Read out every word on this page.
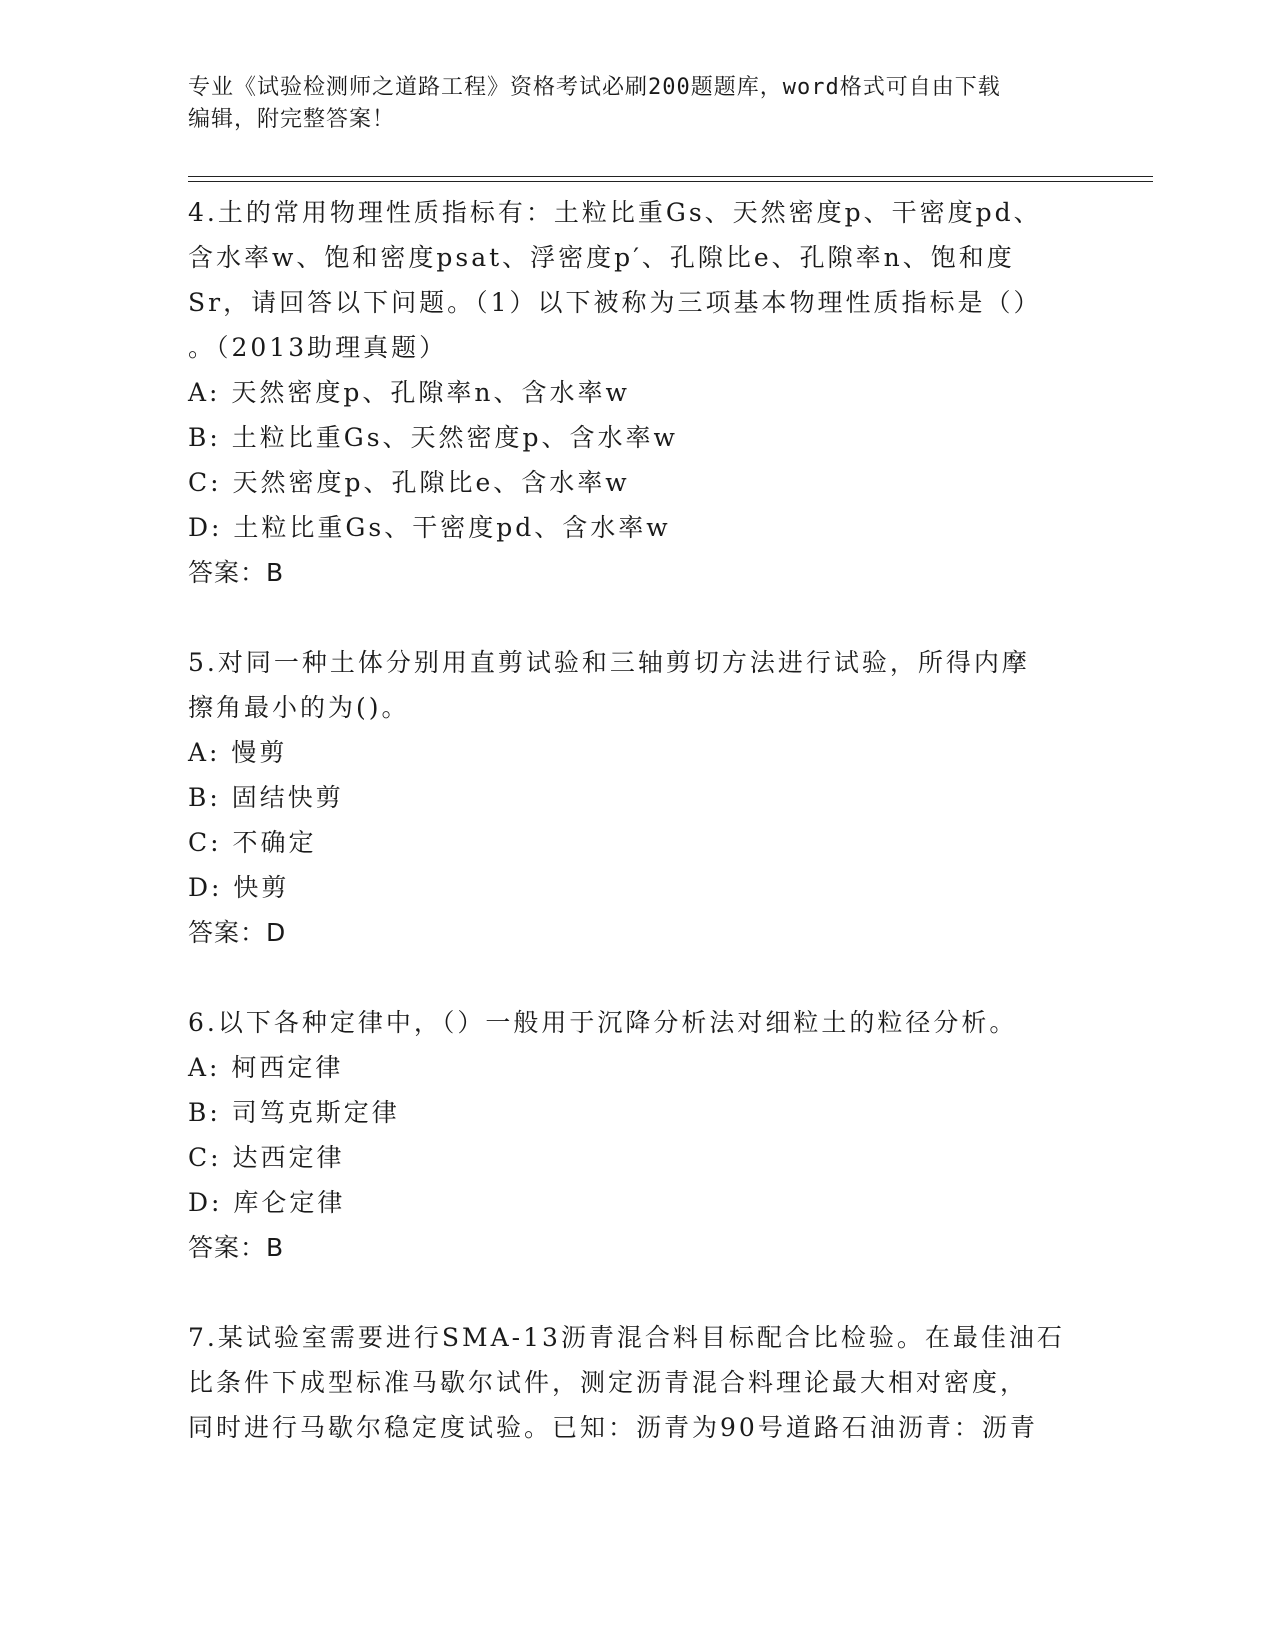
专业《试验检测师之道路工程》资格考试必刷200题题库，word格式可自由下载
编辑，附完整答案！
4.土的常用物理性质指标有：土粒比重Gs、天然密度p、干密度pd、
含水率w、饱和密度psat、浮密度p′、孔隙比e、孔隙率n、饱和度
Sr，请回答以下问题。（1）以下被称为三项基本物理性质指标是（）
。（2013助理真题）
A: 天然密度p、孔隙率n、含水率w
B: 土粒比重Gs、天然密度p、含水率w
C: 天然密度p、孔隙比e、含水率w
D: 土粒比重Gs、干密度pd、含水率w
答案：B
5.对同一种土体分别用直剪试验和三轴剪切方法进行试验，所得内摩
擦角最小的为()。
A: 慢剪
B: 固结快剪
C: 不确定
D: 快剪
答案：D
6.以下各种定律中，（）一般用于沉降分析法对细粒土的粒径分析。
A: 柯西定律
B: 司笃克斯定律
C: 达西定律
D: 库仑定律
答案：B
7.某试验室需要进行SMA-13沥青混合料目标配合比检验。在最佳油石
比条件下成型标准马歇尔试件，测定沥青混合料理论最大相对密度，
同时进行马歇尔稳定度试验。已知：沥青为90号道路石油沥青：沥青
